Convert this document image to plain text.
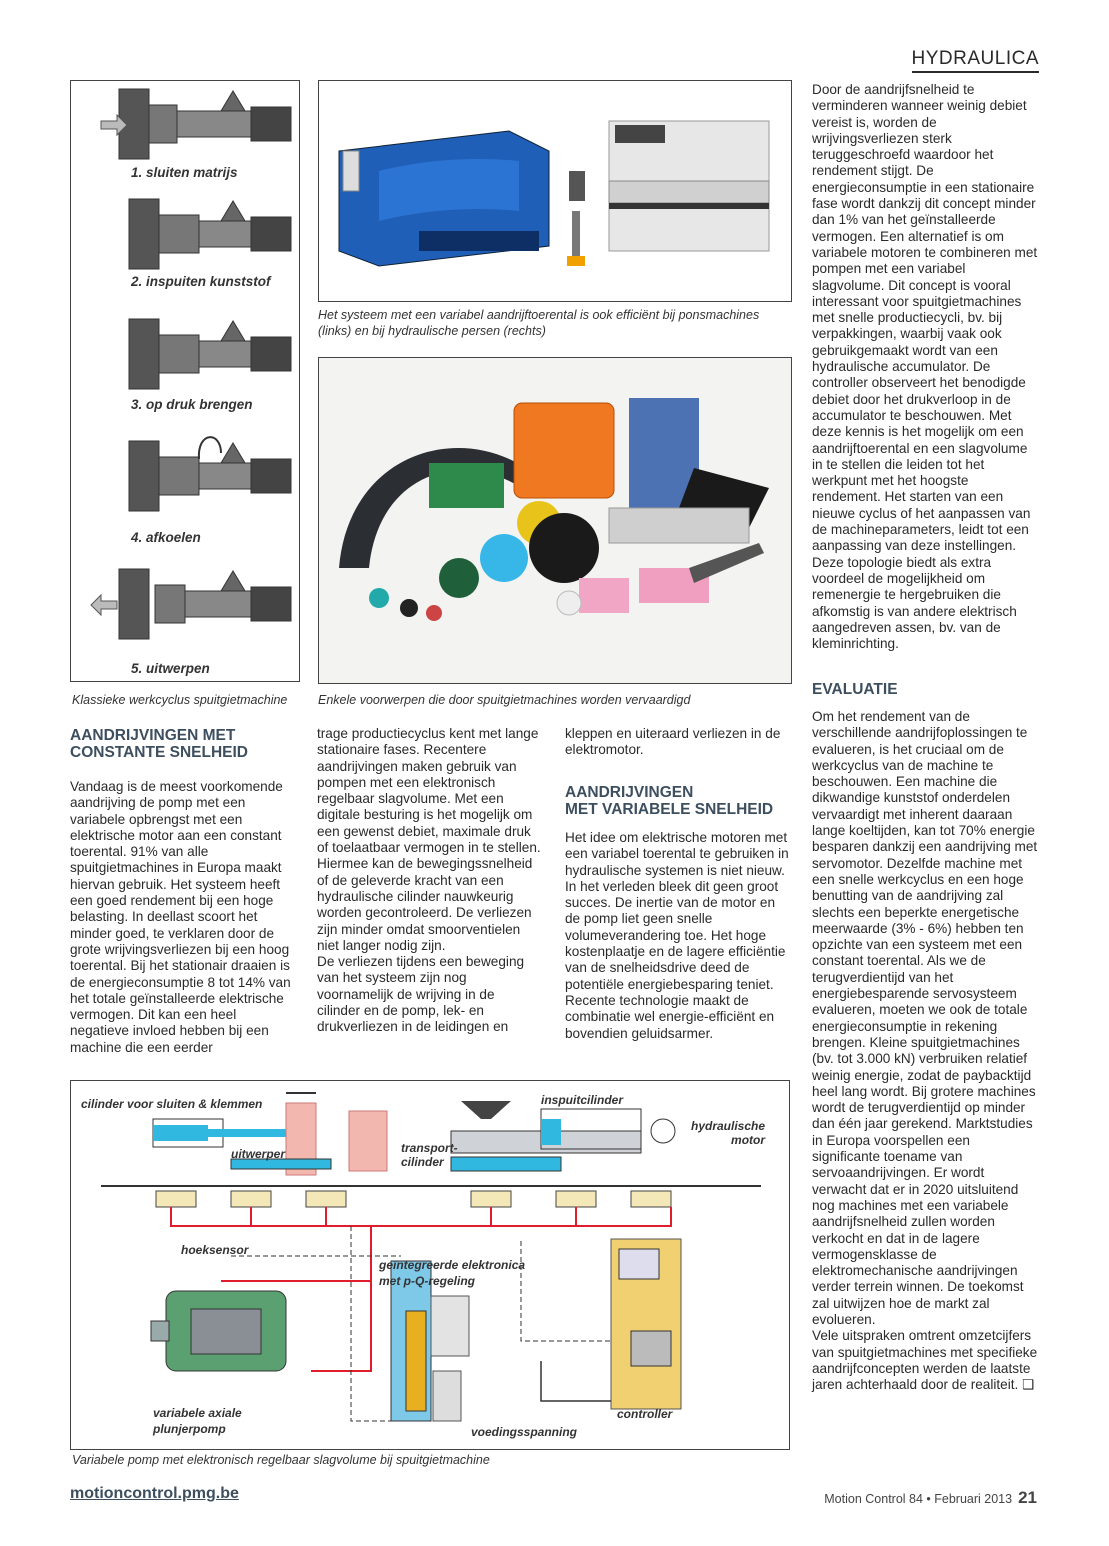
HYDRAULICA
1. sluiten matrijs
2. inspuiten kunststof
3. op druk brengen
4. afkoelen
5. uitwerpen
Klassieke werkcyclus spuitgietmachine
Het systeem met een variabel aandrijftoerental is ook efficiënt bij ponsmachines (links) en bij hydraulische persen (rechts)
Enkele voorwerpen die door spuitgietmachines worden vervaardigd
AANDRIJVINGEN MET
CONSTANTE SNELHEID
Vandaag is de meest voorkomende aandrijving de pomp met een variabele opbrengst met een elektrische motor aan een constant toerental. 91% van alle spuitgietmachines in Europa maakt hiervan gebruik. Het systeem heeft een goed rendement bij een hoge belasting. In deellast scoort het minder goed, te verklaren door de grote wrijvingsverliezen bij een hoog toerental. Bij het stationair draaien is de energieconsumptie 8 tot 14% van het totale geïnstalleerde elektrische vermogen. Dit kan een heel negatieve invloed hebben bij een machine die een eerder

trage productiecyclus kent met lange stationaire fases. Recentere aandrijvingen maken gebruik van pompen met een elektronisch regelbaar slagvolume. Met een digitale besturing is het mogelijk om een gewenst debiet, maximale druk of toelaatbaar vermogen in te stellen. Hiermee kan de bewegingssnelheid of de geleverde kracht van een hydraulische cilinder nauwkeurig worden gecontroleerd. De verliezen zijn minder omdat smoorventielen niet langer nodig zijn.

De verliezen tijdens een beweging van het systeem zijn nog voornamelijk de wrijving in de cilinder en de pomp, lek- en drukverliezen in de leidingen en

kleppen en uiteraard verliezen in de elektromotor.
AANDRIJVINGEN
MET VARIABELE SNELHEID
Het idee om elektrische motoren met een variabel toerental te gebruiken in hydraulische systemen is niet nieuw. In het verleden bleek dit geen groot succes. De inertie van de motor en de pomp liet geen snelle volumeverandering toe. Het hoge kostenplaatje en de lagere efficiëntie van de snelheidsdrive deed de potentiële energiebesparing teniet. Recente technologie maakt de combinatie wel energie-efficiënt en bovendien geluidsarmer.
Door de aandrijfsnelheid te verminderen wanneer weinig debiet vereist is, worden de wrijvingsverliezen sterk teruggeschroefd waardoor het rendement stijgt. De energieconsumptie in een stationaire fase wordt dankzij dit concept minder dan 1% van het geïnstalleerde vermogen. Een alternatief is om variabele motoren te combineren met pompen met een variabel slagvolume. Dit concept is vooral interessant voor spuitgietmachines met snelle productiecycli, bv. bij verpakkingen, waarbij vaak ook gebruikgemaakt wordt van een hydraulische accumulator. De controller observeert het benodigde debiet door het drukverloop in de accumulator te beschouwen. Met deze kennis is het mogelijk om een aandrijftoerental en een slagvolume in te stellen die leiden tot het werkpunt met het hoogste rendement. Het starten van een nieuwe cyclus of het aanpassen van de machineparameters, leidt tot een aanpassing van deze instellingen. Deze topologie biedt als extra voordeel de mogelijkheid om remenergie te hergebruiken die afkomstig is van andere elektrisch aangedreven assen, bv. van de kleminrichting.
EVALUATIE

Om het rendement van de verschillende aandrijfoplossingen te evalueren, is het cruciaal om de werkcyclus van de machine te beschouwen. Een machine die dikwandige kunststof onderdelen vervaardigt met inherent daaraan lange koeltijden, kan tot 70% energie besparen dankzij een aandrijving met servomotor. Dezelfde machine met een snelle werkcyclus en een hoge benutting van de aandrijving zal slechts een beperkte energetische meerwaarde (3% - 6%) hebben ten opzichte van een systeem met een constant toerental. Als we de terugverdientijd van het energiebesparende servosysteem evalueren, moeten we ook de totale energieconsumptie in rekening brengen. Kleine spuitgietmachines (bv. tot 3.000 kN) verbruiken relatief weinig energie, zodat de paybacktijd heel lang wordt. Bij grotere machines wordt de terugverdientijd op minder dan één jaar gerekend. Marktstudies in Europa voorspellen een significante toename van servoaandrijvingen. Er wordt verwacht dat er in 2020 uitsluitend nog machines met een variabele aandrijfsnelheid zullen worden verkocht en dat in de lagere vermogensklasse de elektromechanische aandrijvingen verder terrein winnen. De toekomst zal uitwijzen hoe de markt zal evolueren.

Vele uitspraken omtrent omzetcijfers van spuitgietmachines met specifieke aandrijfconcepten werden de laatste jaren achterhaald door de realiteit. ❑

cilinder voor sluiten & klemmen
uitwerper	transport-
cilinder
inspuitcilinder
hydraulische
motor
hoeksensor
geïntegreerde elektronica
met p-Q-regeling
variabele axiale
plunjerpomp
controller
voedingsspanning
Variabele pomp met elektronisch regelbaar slagvolume bij spuitgietmachine
motioncontrol.pmg.be	Motion Control 84 • Februari 2013 21
